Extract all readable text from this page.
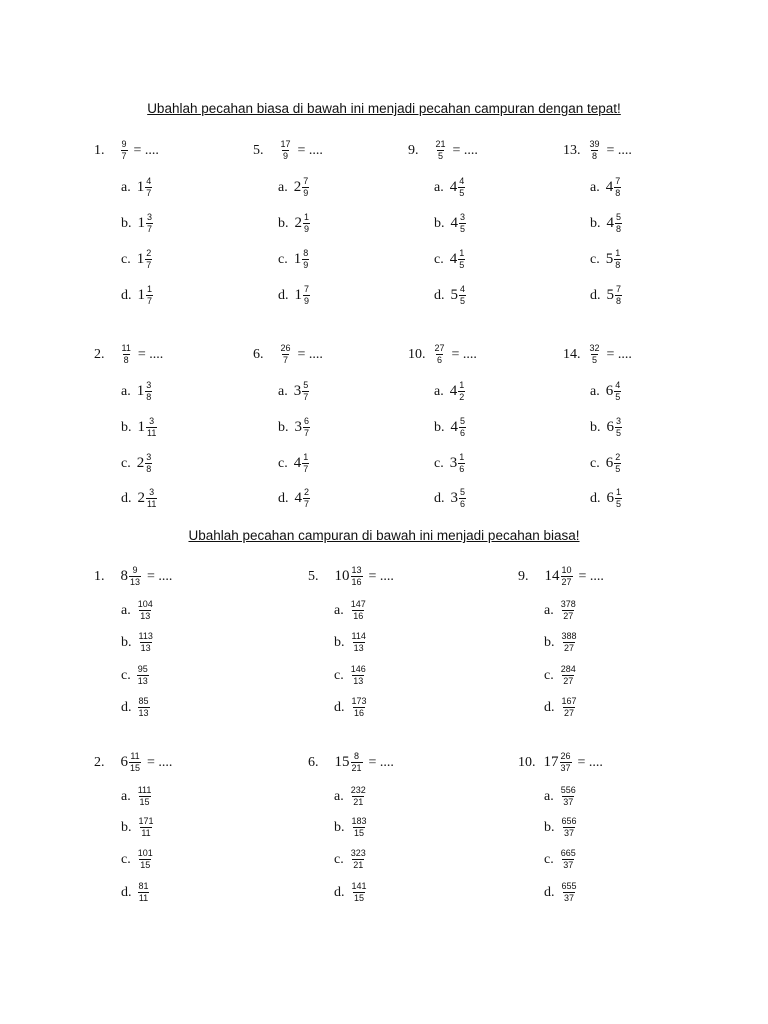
Ubahlah pecahan biasa di bawah ini menjadi pecahan campuran dengan tepat!
1. $\frac{9}{7}$ = ....
a. $1 \frac{4}{7}$
b. $1 \frac{3}{7}$
c. $1 \frac{2}{7}$
d. $1 \frac{1}{7}$
5. $\frac{17}{9}$ = ....
a. $2 \frac{7}{9}$
b. $2 \frac{1}{9}$
c. $1 \frac{8}{9}$
d. $1 \frac{7}{9}$
9. $\frac{21}{5}$ = ....
a. $4 \frac{4}{5}$
b. $4 \frac{3}{5}$
c. $4 \frac{1}{5}$
d. $5 \frac{4}{5}$
13. $\frac{39}{8}$ = ....
a. $4 \frac{7}{8}$
b. $4 \frac{5}{8}$
c. $5 \frac{1}{8}$
d. $5 \frac{7}{8}$
2. $\frac{11}{8}$ = ....
a. $1 \frac{3}{8}$
b. $1 \frac{3}{11}$
c. $2 \frac{3}{8}$
d. $2 \frac{3}{11}$
6. $\frac{26}{7}$ = ....
a. $3 \frac{5}{7}$
b. $3 \frac{6}{7}$
c. $4 \frac{1}{7}$
d. $4 \frac{2}{7}$
10. $\frac{27}{6}$ = ....
a. $4 \frac{1}{2}$
b. $4 \frac{5}{6}$
c. $3 \frac{1}{6}$
d. $3 \frac{5}{6}$
14. $\frac{32}{5}$ = ....
a. $6 \frac{4}{5}$
b. $6 \frac{3}{5}$
c. $6 \frac{2}{5}$
d. $6 \frac{1}{5}$
Ubahlah pecahan campuran di bawah ini menjadi pecahan biasa!
1. $8 \frac{9}{13}$ = ....
a. $\frac{104}{13}$
b. $\frac{113}{13}$
c. $\frac{95}{13}$
d. $\frac{85}{13}$
5. $10 \frac{13}{16}$ = ....
a. $\frac{147}{16}$
b. $\frac{114}{13}$
c. $\frac{146}{13}$
d. $\frac{173}{16}$
9. $14 \frac{10}{27}$ = ....
a. $\frac{378}{27}$
b. $\frac{388}{27}$
c. $\frac{284}{27}$
d. $\frac{167}{27}$
2. $6 \frac{11}{15}$ = ....
a. $\frac{111}{15}$
b. $\frac{171}{11}$
c. $\frac{101}{15}$
d. $\frac{81}{11}$
6. $15 \frac{8}{21}$ = ....
a. $\frac{232}{21}$
b. $\frac{183}{15}$
c. $\frac{323}{21}$
d. $\frac{141}{15}$
10. $17 \frac{26}{37}$ = ....
a. $\frac{556}{37}$
b. $\frac{656}{37}$
c. $\frac{665}{37}$
d. $\frac{655}{37}$
